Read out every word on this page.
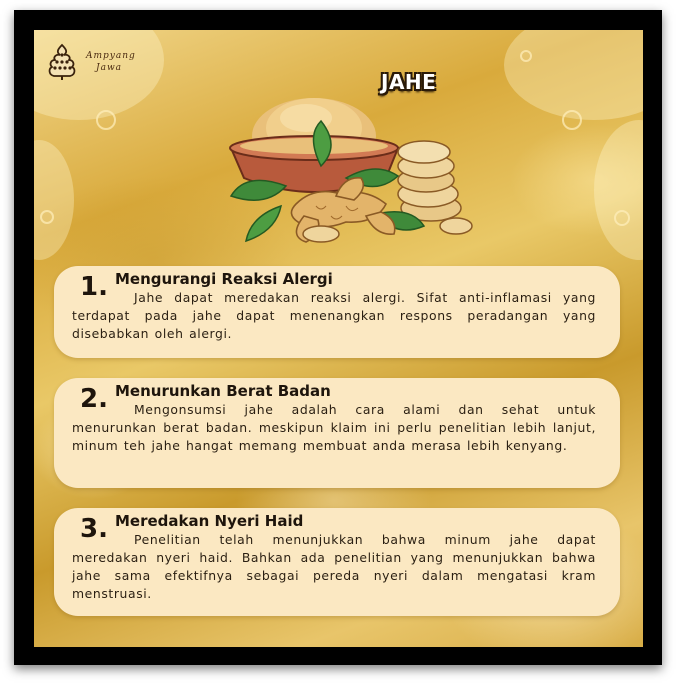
Ampyang
Jawa
JAHE
1. Mengurangi Reaksi Alergi

Jahe dapat meredakan reaksi alergi. Sifat anti-inflamasi yang terdapat pada jahe dapat menenangkan respons peradangan yang disebabkan oleh alergi.

2. Menurunkan Berat Badan

Mengonsumsi jahe adalah cara alami dan sehat untuk menurunkan berat badan. meskipun klaim ini perlu penelitian lebih lanjut, minum teh jahe hangat memang membuat anda merasa lebih kenyang.

3. Meredakan Nyeri Haid

Penelitian telah menunjukkan bahwa minum jahe dapat meredakan nyeri haid. Bahkan ada penelitian yang menunjukkan bahwa jahe sama efektifnya sebagai pereda nyeri dalam mengatasi kram menstruasi.
